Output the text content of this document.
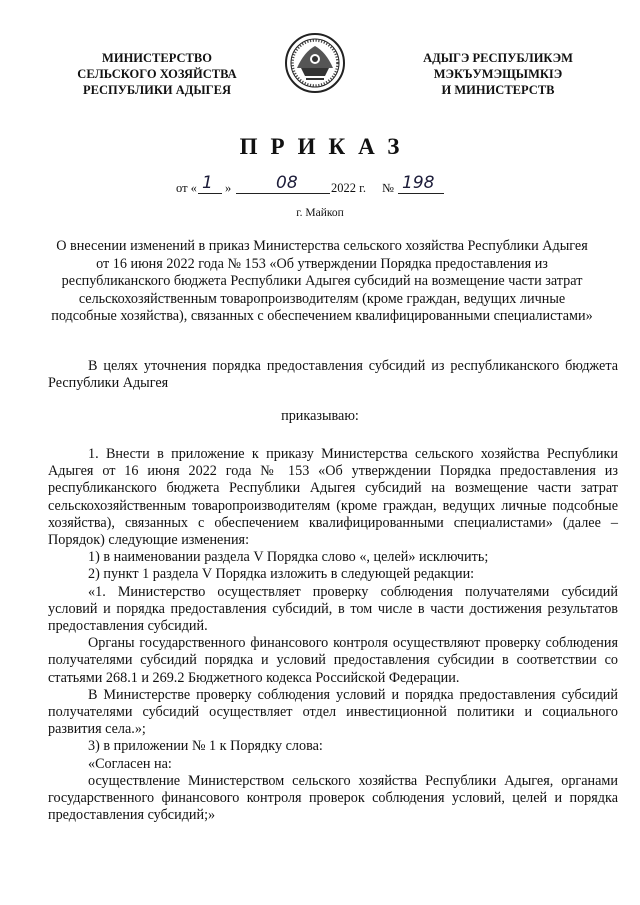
МИНИСТЕРСТВО
СЕЛЬСКОГО ХОЗЯЙСТВА
РЕСПУБЛИКИ АДЫГЕЯ
АДЫГЭ РЕСПУБЛИКЭМ
МЭКЪУМЭЩЫМКIЭ
И МИНИСТЕРСТВ
ПРИКАЗ
от « 1 »	08	2022 г. № 198
г. Майкоп
О внесении изменений в приказ Министерства сельского хозяйства Республики Адыгея от 16 июня 2022 года № 153 «Об утверждении Порядка предоставления из республиканского бюджета Республики Адыгея субсидий на возмещение части затрат сельскохозяйственным товаропроизводителям (кроме граждан, ведущих личные подсобные хозяйства), связанных с обеспечением квалифицированными специалистами»

В целях уточнения порядка предоставления субсидий из республиканского бюджета Республики Адыгея

приказываю:

1. Внести в приложение к приказу Министерства сельского хозяйства Республики Адыгея от 16 июня 2022 года № 153 «Об утверждении Порядка предоставления из республиканского бюджета Республики Адыгея субсидий на возмещение части затрат сельскохозяйственным товаропроизводителям (кроме граждан, ведущих личные подсобные хозяйства), связанных с обеспечением квалифицированными специалистами» (далее – Порядок) следующие изменения:

1) в наименовании раздела V Порядка слово «, целей» исключить;

2) пункт 1 раздела V Порядка изложить в следующей редакции:

«1. Министерство осуществляет проверку соблюдения получателями субсидий условий и порядка предоставления субсидий, в том числе в части достижения результатов предоставления субсидий.

Органы государственного финансового контроля осуществляют проверку соблюдения получателями субсидий порядка и условий предоставления субсидии в соответствии со статьями 268.1 и 269.2 Бюджетного кодекса Российской Федерации.

В Министерстве проверку соблюдения условий и порядка предоставления субсидий получателями субсидий осуществляет отдел инвестиционной политики и социального развития села.»;

3) в приложении № 1 к Порядку слова:

«Согласен на:

осуществление Министерством сельского хозяйства Республики Адыгея, органами государственного финансового контроля проверок соблюдения условий, целей и порядка предоставления субсидий;»
